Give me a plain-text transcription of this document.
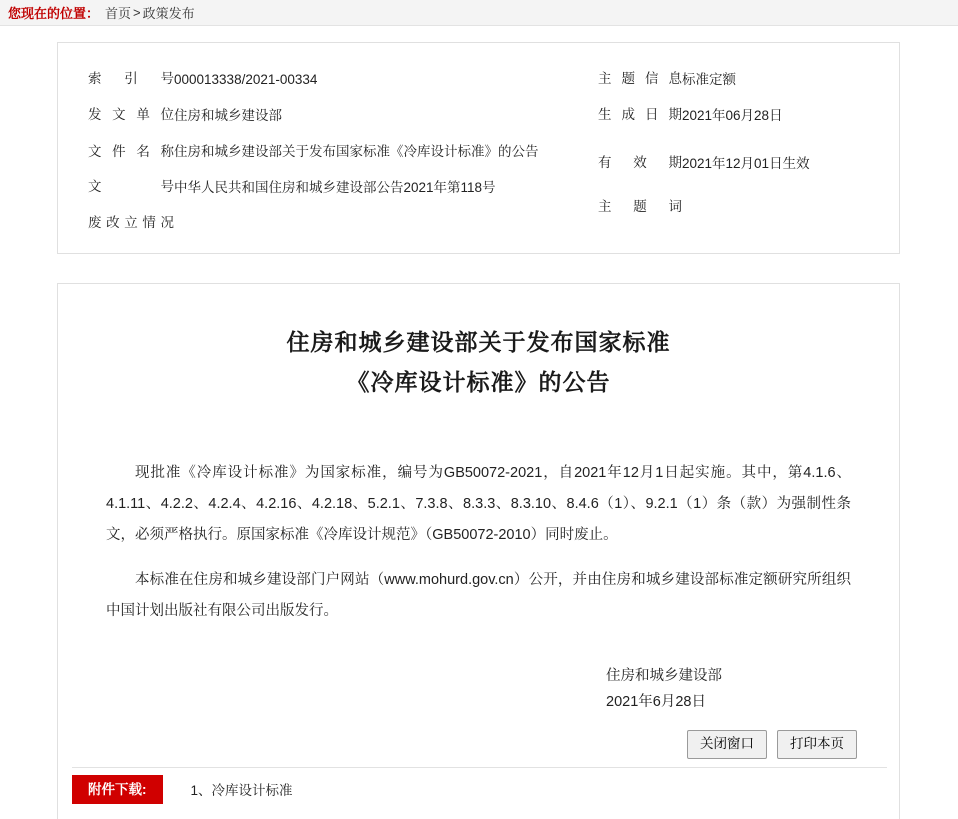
您现在的位置： 首页 > 政策发布
索引号 000013338/2021-00334
发文单位 住房和城乡建设部
文件名称 住房和城乡建设部关于发布国家标准《冷库设计标准》的公告
文　　号 中华人民共和国住房和城乡建设部公告2021年第118号
废改立情况
主题信息 标准定额
生成日期 2021年06月28日
有 效 期 2021年12月01日生效
主 题 词
住房和城乡建设部关于发布国家标准
《冷库设计标准》的公告

现批准《冷库设计标准》为国家标准，编号为GB50072-2021，自2021年12月1日起实施。其中，第4.1.6、4.1.11、4.2.2、4.2.4、4.2.16、4.2.18、5.2.1、7.3.8、8.3.3、8.3.10、8.4.6（1）、9.2.1（1）条（款）为强制性条文，必须严格执行。原国家标准《冷库设计规范》（GB50072-2010）同时废止。

本标准在住房和城乡建设部门户网站（www.mohurd.gov.cn）公开，并由住房和城乡建设部标准定额研究所组织中国计划出版社有限公司出版发行。

住房和城乡建设部
2021年6月28日
关闭窗口	打印本页
附件下载:	1、冷库设计标准
